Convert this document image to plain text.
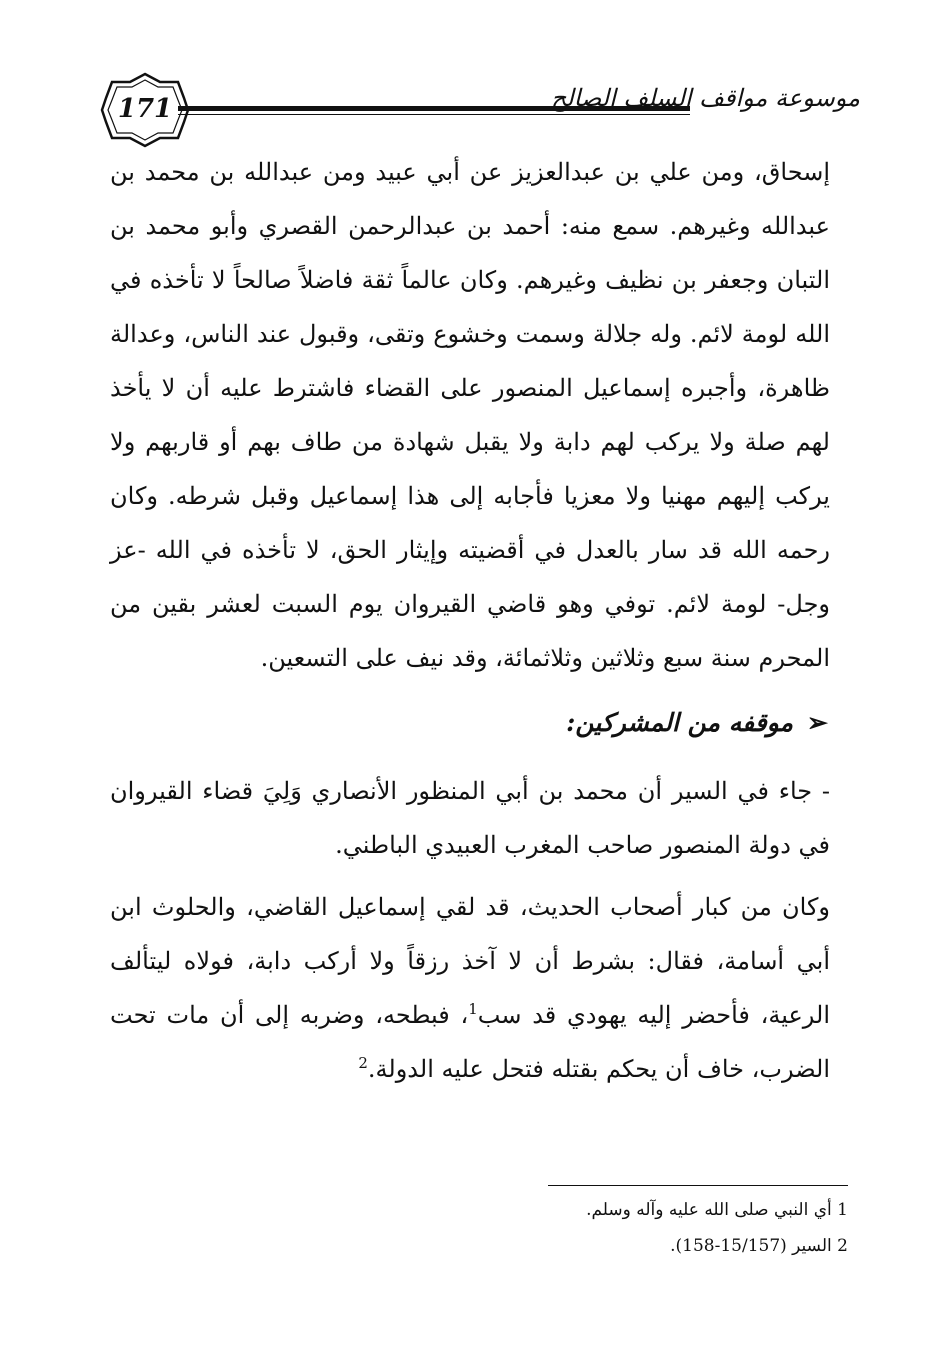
171	موسوعة مواقف السلف الصالح
إسحاق، ومن علي بن عبدالعزيز عن أبي عبيد ومن عبدالله بن محمد بن عبدالله وغيرهم. سمع منه: أحمد بن عبدالرحمن القصري وأبو محمد بن التبان وجعفر بن نظيف وغيرهم. وكان عالماً ثقة فاضلاً صالحاً لا تأخذه في الله لومة لائم. وله جلالة وسمت وخشوع وتقى، وقبول عند الناس، وعدالة ظاهرة، وأجبره إسماعيل المنصور على القضاء فاشترط عليه أن لا يأخذ لهم صلة ولا يركب لهم دابة ولا يقبل شهادة من طاف بهم أو قاربهم ولا يركب إليهم مهنيا ولا معزيا فأجابه إلى هذا إسماعيل وقبل شرطه. وكان رحمه الله قد سار بالعدل في أقضيته وإيثار الحق، لا تأخذه في الله -عز وجل- لومة لائم. توفي وهو قاضي القيروان يوم السبت لعشر بقين من المحرم سنة سبع وثلاثين وثلاثمائة، وقد نيف على التسعين.
➢موقفه من المشركين:
- جاء في السير أن محمد بن أبي المنظور الأنصاري وَلِيَ قضاء القيروان في دولة المنصور صاحب المغرب العبيدي الباطني.
وكان من كبار أصحاب الحديث، قد لقي إسماعيل القاضي، والحلوث ابن أبي أسامة، فقال: بشرط أن لا آخذ رزقاً ولا أركب دابة، فولاه ليتألف الرعية، فأحضر إليه يهودي قد سب$^1$، فبطحه، وضربه إلى أن مات تحت الضرب، خاف أن يحكم بقتله فتحل عليه الدولة.$^2$
1 أي النبي صلى الله عليه وآله وسلم.
2 السير (15/157-158).
